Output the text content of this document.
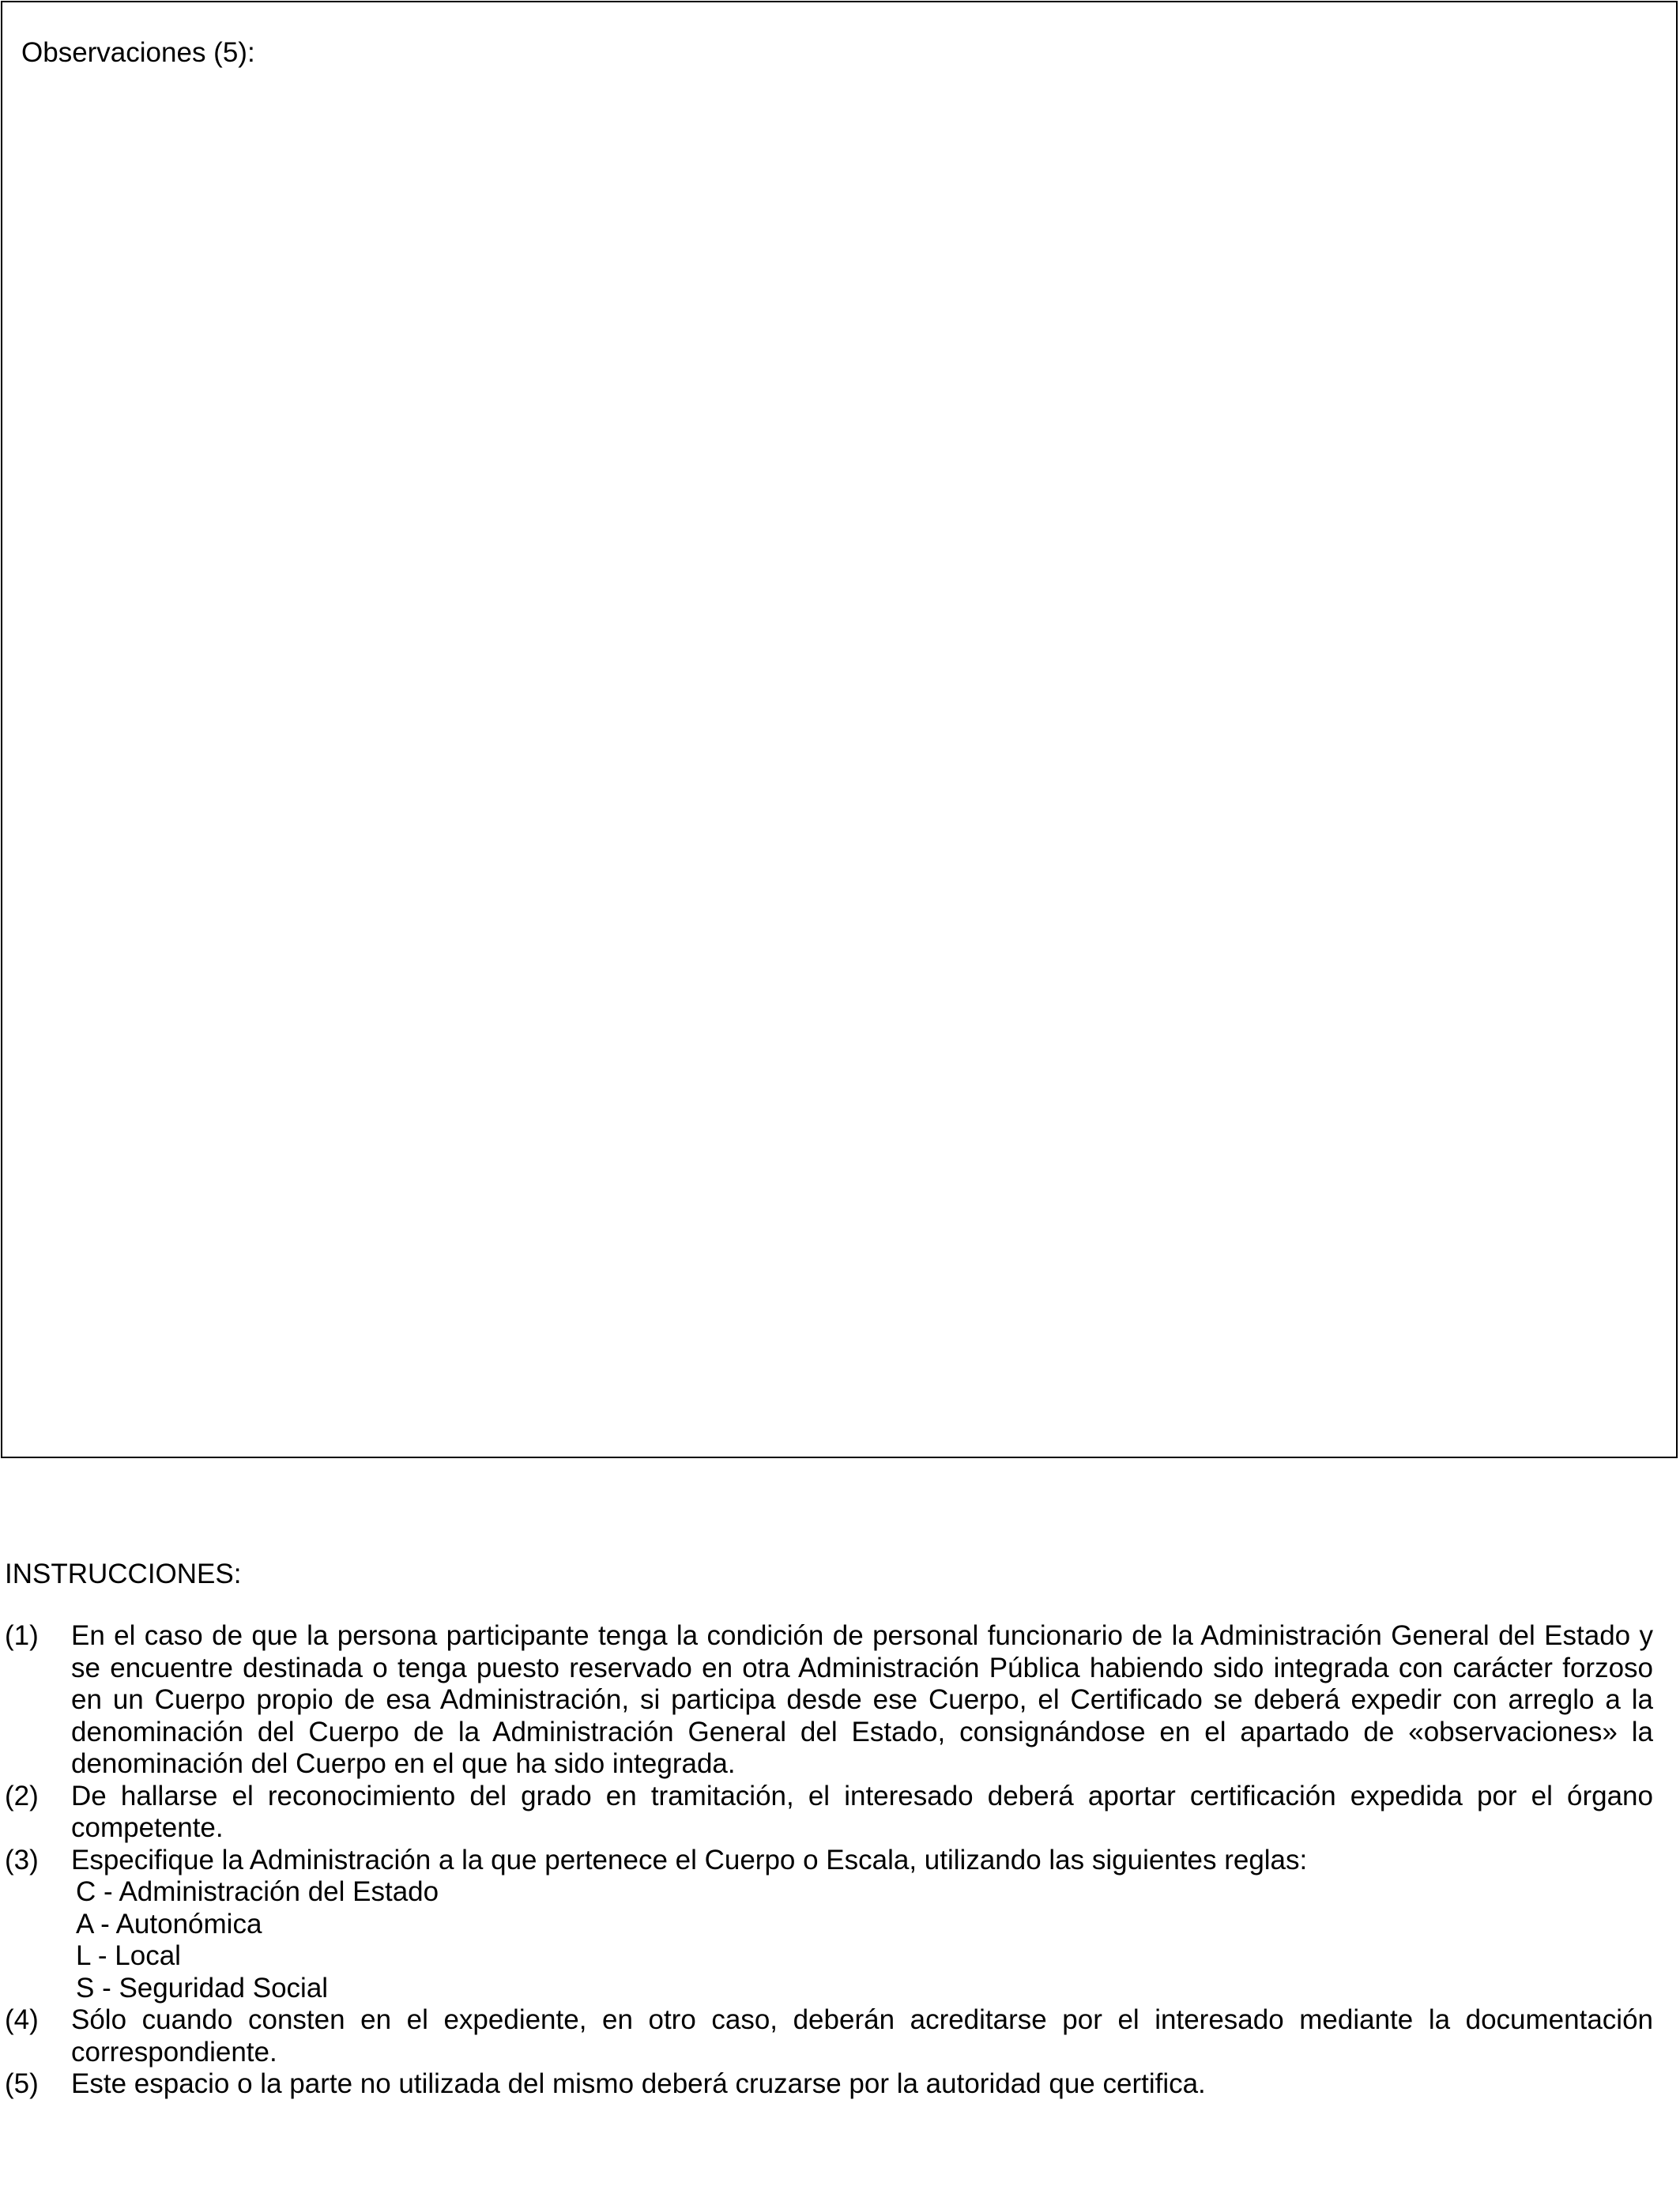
Observaciones (5):
INSTRUCCIONES:
(1)	En el caso de que la persona participante tenga la condición de personal funcionario de la Administración General del Estado y se encuentre destinada o tenga puesto reservado en otra Administración Pública habiendo sido integrada con carácter forzoso en un Cuerpo propio de esa Administración, si participa desde ese Cuerpo, el Certificado se deberá expedir con arreglo a la denominación del Cuerpo de la Administración General del Estado, consignándose en el apartado de «observaciones» la denominación del Cuerpo en el que ha sido integrada.
(2)	De hallarse el reconocimiento del grado en tramitación, el interesado deberá aportar certificación expedida por el órgano competente.
(3)	Especifique la Administración a la que pertenece el Cuerpo o Escala, utilizando las siguientes reglas:
C - Administración del Estado
A - Autonómica
L - Local
S - Seguridad Social
(4)	Sólo cuando consten en el expediente, en otro caso, deberán acreditarse por el interesado mediante la documentación correspondiente.
(5)	Este espacio o la parte no utilizada del mismo deberá cruzarse por la autoridad que certifica.
